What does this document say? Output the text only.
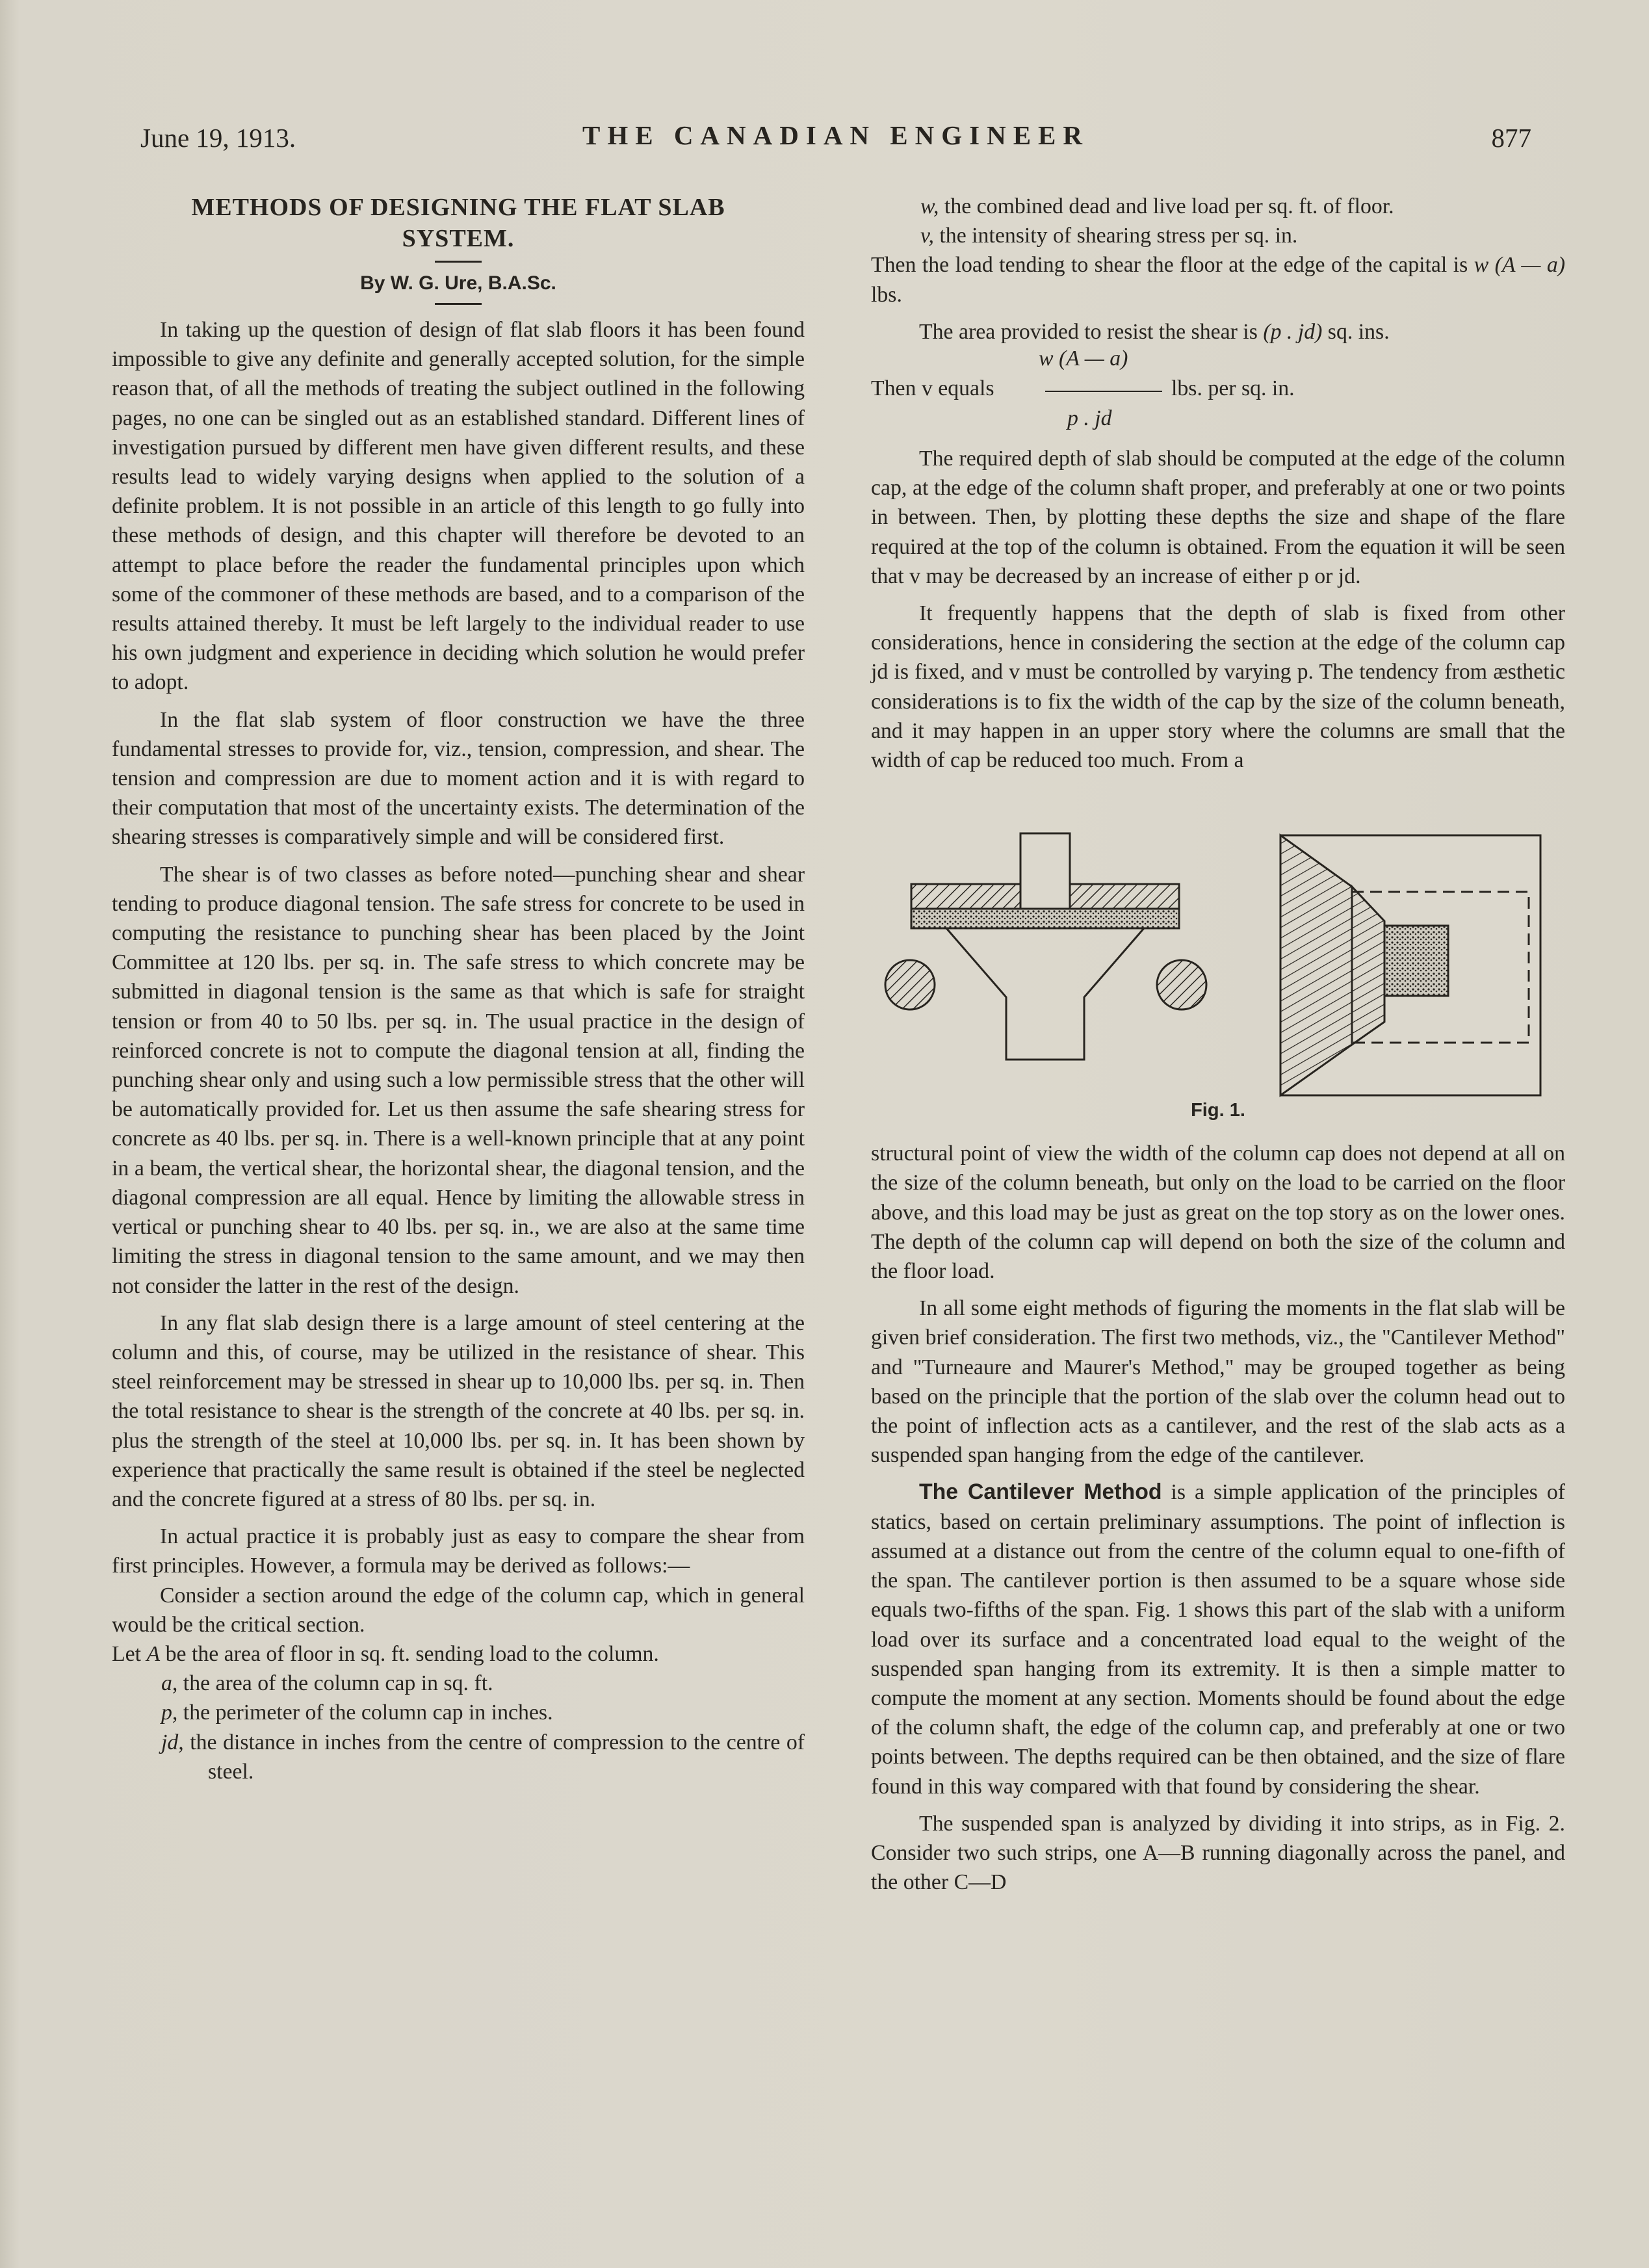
June 19, 1913.	THE CANADIAN ENGINEER	877
METHODS OF DESIGNING THE FLAT SLAB
SYSTEM.
By W. G. Ure, B.A.Sc.

In taking up the question of design of flat slab floors it has been found impossible to give any definite and generally accepted solution, for the simple reason that, of all the methods of treating the subject outlined in the following pages, no one can be singled out as an established standard. Different lines of investigation pursued by different men have given different results, and these results lead to widely varying designs when applied to the solution of a definite problem. It is not possible in an article of this length to go fully into these methods of design, and this chapter will therefore be devoted to an attempt to place before the reader the fundamental principles upon which some of the commoner of these methods are based, and to a comparison of the results attained thereby. It must be left largely to the individual reader to use his own judgment and experience in deciding which solution he would prefer to adopt.

In the flat slab system of floor construction we have the three fundamental stresses to provide for, viz., tension, compression, and shear. The tension and compression are due to moment action and it is with regard to their computation that most of the uncertainty exists. The determination of the shearing stresses is comparatively simple and will be considered first.

The shear is of two classes as before noted—punching shear and shear tending to produce diagonal tension. The safe stress for concrete to be used in computing the resistance to punching shear has been placed by the Joint Committee at 120 lbs. per sq. in. The safe stress to which concrete may be submitted in diagonal tension is the same as that which is safe for straight tension or from 40 to 50 lbs. per sq. in. The usual practice in the design of reinforced concrete is not to compute the diagonal tension at all, finding the punching shear only and using such a low permissible stress that the other will be automatically provided for. Let us then assume the safe shearing stress for concrete as 40 lbs. per sq. in. There is a well-known principle that at any point in a beam, the vertical shear, the horizontal shear, the diagonal tension, and the diagonal compression are all equal. Hence by limiting the allowable stress in vertical or punching shear to 40 lbs. per sq. in., we are also at the same time limiting the stress in diagonal tension to the same amount, and we may then not consider the latter in the rest of the design.

In any flat slab design there is a large amount of steel centering at the column and this, of course, may be utilized in the resistance of shear. This steel reinforcement may be stressed in shear up to 10,000 lbs. per sq. in. Then the total resistance to shear is the strength of the concrete at 40 lbs. per sq. in. plus the strength of the steel at 10,000 lbs. per sq. in. It has been shown by experience that practically the same result is obtained if the steel be neglected and the concrete figured at a stress of 80 lbs. per sq. in.

In actual practice it is probably just as easy to compare the shear from first principles. However, a formula may be derived as follows:—

Consider a section around the edge of the column cap, which in general would be the critical section.

Let A be the area of floor in sq. ft. sending load to the column.

a, the area of the column cap in sq. ft.

p, the perimeter of the column cap in inches.

jd, the distance in inches from the centre of compression to the centre of steel.

w, the combined dead and live load per sq. ft. of floor.

v, the intensity of shearing stress per sq. in.

Then the load tending to shear the floor at the edge of the capital is w (A — a) lbs.

The area provided to resist the shear is (p . jd) sq. ins.

Then v equals
w (A — a)
lbs. per sq. in.
p . jd

The required depth of slab should be computed at the edge of the column cap, at the edge of the column shaft proper, and preferably at one or two points in between. Then, by plotting these depths the size and shape of the flare required at the top of the column is obtained. From the equation it will be seen that v may be decreased by an increase of either p or jd.

It frequently happens that the depth of slab is fixed from other considerations, hence in considering the section at the edge of the column cap jd is fixed, and v must be controlled by varying p. The tendency from æsthetic considerations is to fix the width of the cap by the size of the column beneath, and it may happen in an upper story where the columns are small that the width of cap be reduced too much. From a

Fig. 1.

structural point of view the width of the column cap does not depend at all on the size of the column beneath, but only on the load to be carried on the floor above, and this load may be just as great on the top story as on the lower ones. The depth of the column cap will depend on both the size of the column and the floor load.

In all some eight methods of figuring the moments in the flat slab will be given brief consideration. The first two methods, viz., the "Cantilever Method" and "Turneaure and Maurer's Method," may be grouped together as being based on the principle that the portion of the slab over the column head out to the point of inflection acts as a cantilever, and the rest of the slab acts as a suspended span hanging from the edge of the cantilever.

The Cantilever Method is a simple application of the principles of statics, based on certain preliminary assumptions. The point of inflection is assumed at a distance out from the centre of the column equal to one-fifth of the span. The cantilever portion is then assumed to be a square whose side equals two-fifths of the span. Fig. 1 shows this part of the slab with a uniform load over its surface and a concentrated load equal to the weight of the suspended span hanging from its extremity. It is then a simple matter to compute the moment at any section. Moments should be found about the edge of the column shaft, the edge of the column cap, and preferably at one or two points between. The depths required can be then obtained, and the size of flare found in this way compared with that found by considering the shear.

The suspended span is analyzed by dividing it into strips, as in Fig. 2. Consider two such strips, one A—B running diagonally across the panel, and the other C—D
